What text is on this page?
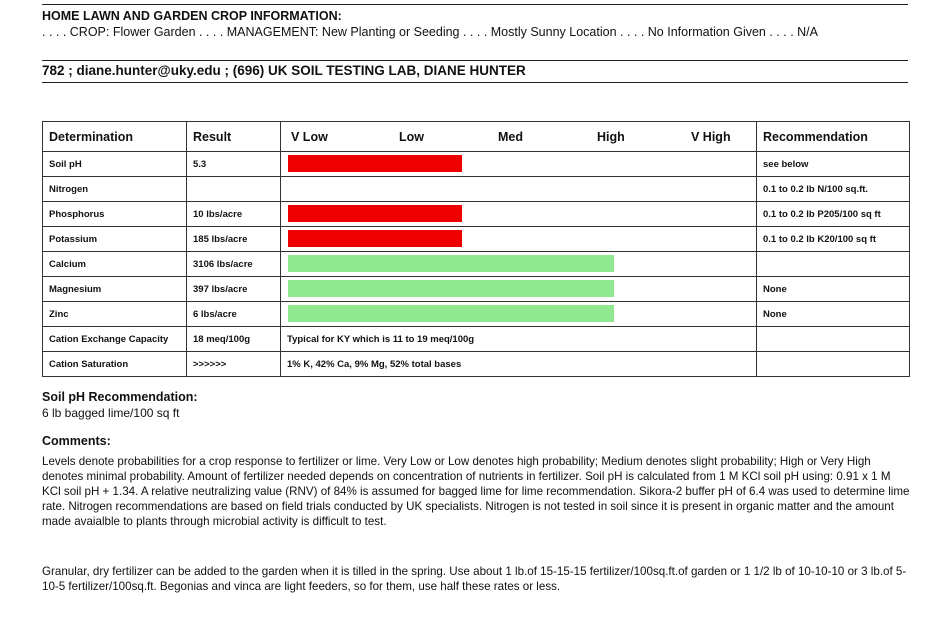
HOME LAWN AND GARDEN CROP INFORMATION:
. . . . CROP: Flower Garden . . . . MANAGEMENT: New Planting or Seeding . . . . Mostly Sunny Location . . . . No Information Given . . . . N/A
782 ; diane.hunter@uky.edu ; (696) UK SOIL TESTING LAB, DIANE HUNTER
Determination	Result	V Low Low Med High V High	Recommendation
Soil pH	5.3		see below
Nitrogen			0.1 to 0.2 lb N/100 sq.ft.
Phosphorus	10 lbs/acre		0.1 to 0.2 lb P205/100 sq ft
Potassium	185 lbs/acre		0.1 to 0.2 lb K20/100 sq ft
Calcium	3106 lbs/acre	

Magnesium	397 lbs/acre		None
Zinc	6 lbs/acre		None
Cation Exchange Capacity	18 meq/100g	Typical for KY which is 11 to 19 meq/100g	
Cation Saturation	>>>>>>	1% K, 42% Ca, 9% Mg, 52% total bases	
Soil pH Recommendation:
6 lb bagged lime/100 sq ft
Comments:
Levels denote probabilities for a crop response to fertilizer or lime. Very Low or Low denotes high probability; Medium denotes slight probability; High or Very High denotes minimal probability. Amount of fertilizer needed depends on concentration of nutrients in fertilizer. Soil pH is calculated from 1 M KCl soil pH using: 0.91 x 1 M KCl soil pH + 1.34. A relative neutralizing value (RNV) of 84% is assumed for bagged lime for lime recommendation. Sikora-2 buffer pH of 6.4 was used to determine lime rate. Nitrogen recommendations are based on field trials conducted by UK specialists. Nitrogen is not tested in soil since it is present in organic matter and the amount made avaialble to plants through microbial activity is difficult to test.
Granular, dry fertilizer can be added to the garden when it is tilled in the spring. Use about 1 lb.of 15-15-15 fertilizer/100sq.ft.of garden or 1 1/2 lb of 10-10-10 or 3 lb.of 5-10-5 fertilizer/100sq.ft. Begonias and vinca are light feeders, so for them, use half these rates or less.
